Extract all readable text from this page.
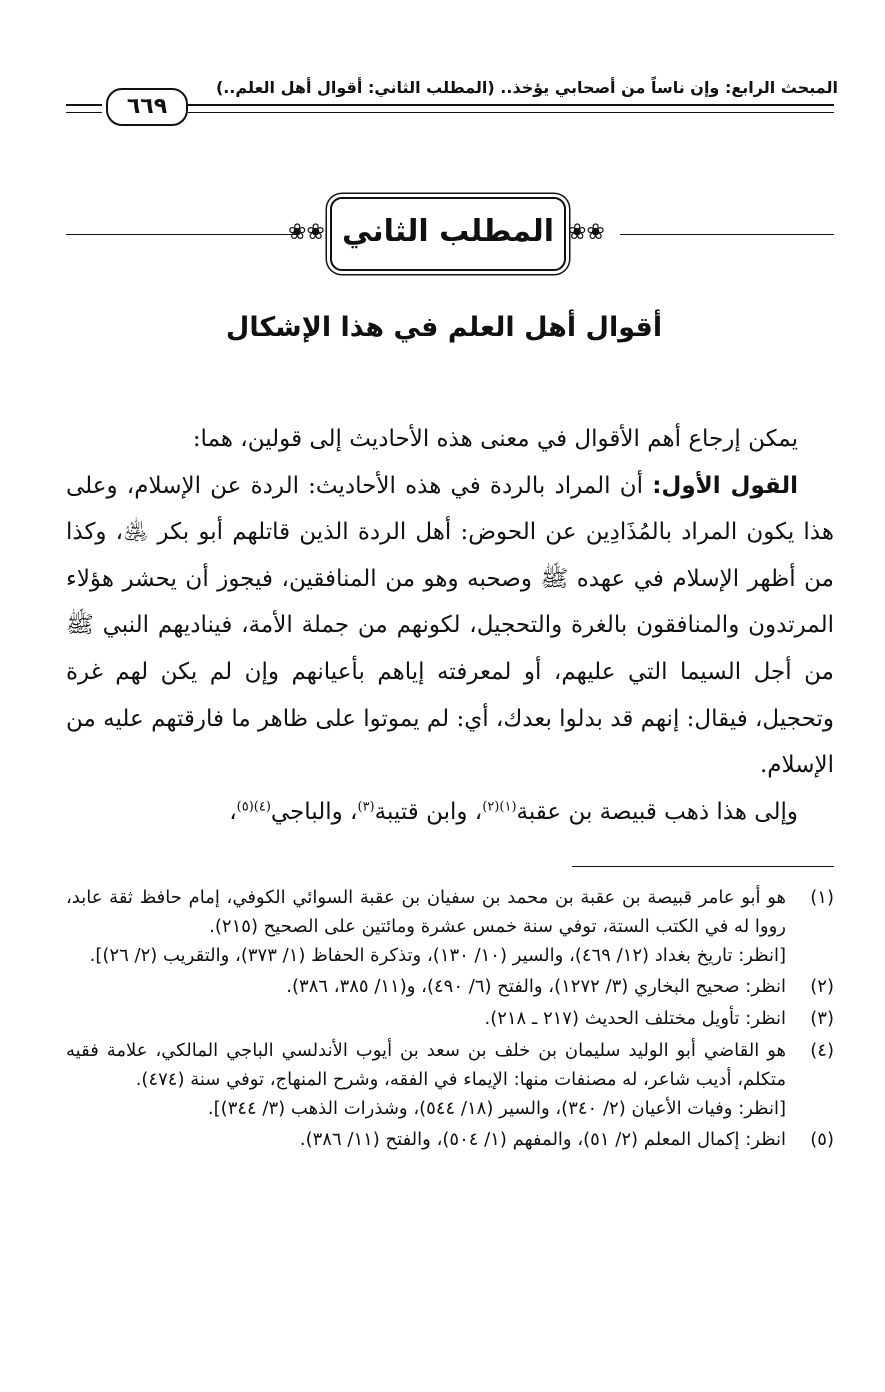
المبحث الرابع: وإن ناساً من أصحابي يؤخذ.. (المطلب الثاني: أقوال أهل العلم..)
٦٦٩
❀❀	❀❀
المطلب الثاني
أقوال أهل العلم في هذا الإشكال

يمكن إرجاع أهم الأقوال في معنى هذه الأحاديث إلى قولين، هما:

القول الأول: أن المراد بالردة في هذه الأحاديث: الردة عن الإسلام، وعلى هذا يكون المراد بالمُذَادِين عن الحوض: أهل الردة الذين قاتلهم أبو بكر ﵁، وكذا من أظهر الإسلام في عهده ﷺ وصحبه وهو من المنافقين، فيجوز أن يحشر هؤلاء المرتدون والمنافقون بالغرة والتحجيل، لكونهم من جملة الأمة، فيناديهم النبي ﷺ من أجل السيما التي عليهم، أو لمعرفته إياهم بأعيانهم وإن لم يكن لهم غرة وتحجيل، فيقال: إنهم قد بدلوا بعدك، أي: لم يموتوا على ظاهر ما فارقتهم عليه من الإسلام.

وإلى هذا ذهب قبيصة بن عقبة$^{(١)(٢)}$، وابن قتيبة$^{(٣)}$، والباجي$^{(٤)(٥)}$،

(١)
هو أبو عامر قبيصة بن عقبة بن محمد بن سفيان بن عقبة السوائي الكوفي، إمام حافظ ثقة عابد، رووا له في الكتب الستة، توفي سنة خمس عشرة ومائتين على الصحيح (٢١٥).
[انظر: تاريخ بغداد (١٢/ ٤٦٩)، والسير (١٠/ ١٣٠)، وتذكرة الحفاظ (١/ ٣٧٣)، والتقريب (٢/ ٢٦)].
(٢)
انظر: صحيح البخاري (٣/ ١٢٧٢)، والفتح (٦/ ٤٩٠)، و(١١/ ٣٨٥، ٣٨٦).
(٣)
انظر: تأويل مختلف الحديث (٢١٧ ـ ٢١٨).
(٤)
هو القاضي أبو الوليد سليمان بن خلف بن سعد بن أيوب الأندلسي الباجي المالكي، علامة فقيه متكلم، أديب شاعر، له مصنفات منها: الإيماء في الفقه، وشرح المنهاج، توفي سنة (٤٧٤).
[انظر: وفيات الأعيان (٢/ ٣٤٠)، والسير (١٨/ ٥٤٤)، وشذرات الذهب (٣/ ٣٤٤)].
(٥)
انظر: إكمال المعلم (٢/ ٥١)، والمفهم (١/ ٥٠٤)، والفتح (١١/ ٣٨٦).
